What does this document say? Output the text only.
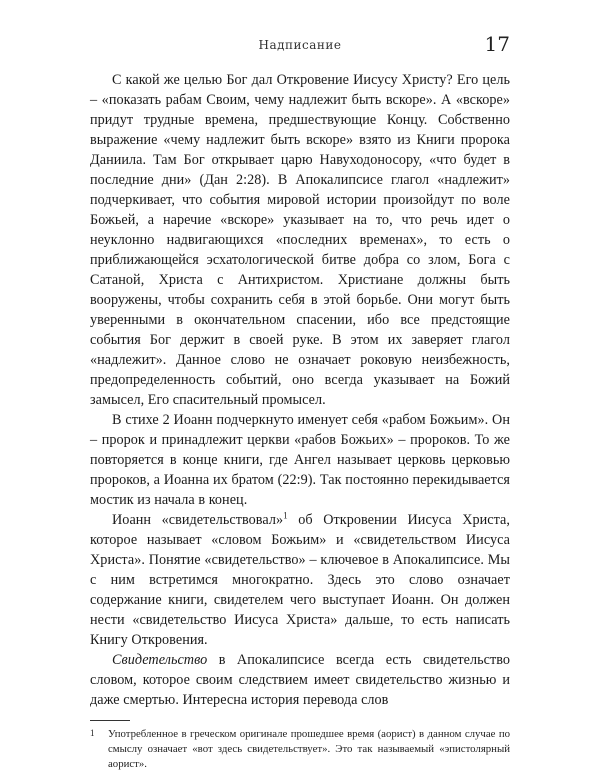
Надписание	17

С какой же целью Бог дал Откровение Иисусу Христу? Его цель – «показать рабам Своим, чему надлежит быть вскоре». А «вскоре» придут трудные времена, предшествующие Концу. Собственно выражение «чему надлежит быть вскоре» взято из Книги пророка Даниила. Там Бог открывает царю Навуходоносору, «что будет в последние дни» (Дан 2:28). В Апокалипсисе глагол «надлежит» подчеркивает, что события мировой истории произойдут по воле Божьей, а наречие «вскоре» указывает на то, что речь идет о неуклонно надвигающихся «последних временах», то есть о приближающейся эсхатологической битве добра со злом, Бога с Сатаной, Христа с Антихристом. Христиане должны быть вооружены, чтобы сохранить себя в этой борьбе. Они могут быть уверенными в окончательном спасении, ибо все предстоящие события Бог держит в своей руке. В этом их заверяет глагол «надлежит». Данное слово не означает роковую неизбежность, предопределенность событий, оно всегда указывает на Божий замысел, Его спасительный промысел.

В стихе 2 Иоанн подчеркнуто именует себя «рабом Божьим». Он – пророк и принадлежит церкви «рабов Божьих» – пророков. То же повторяется в конце книги, где Ангел называет церковь церковью пророков, а Иоанна их братом (22:9). Так постоянно перекидывается мостик из начала в конец.

Иоанн «свидетельствовал»$^1$ об Откровении Иисуса Христа, которое называет «словом Божьим» и «свидетельством Иисуса Христа». Понятие «свидетельство» – ключевое в Апокалипсисе. Мы с ним встретимся многократно. Здесь это слово означает содержание книги, свидетелем чего выступает Иоанн. Он должен нести «свидетельство Иисуса Христа» дальше, то есть написать Книгу Откровения.

Свидетельство в Апокалипсисе всегда есть свидетельство словом, которое своим следствием имеет свидетельство жизнью и даже смертью. Интересна история перевода слов

1 Употребленное в греческом оригинале прошедшее время (аорист) в данном случае по смыслу означает «вот здесь свидетельствует». Это так называемый «эпистолярный аорист».
